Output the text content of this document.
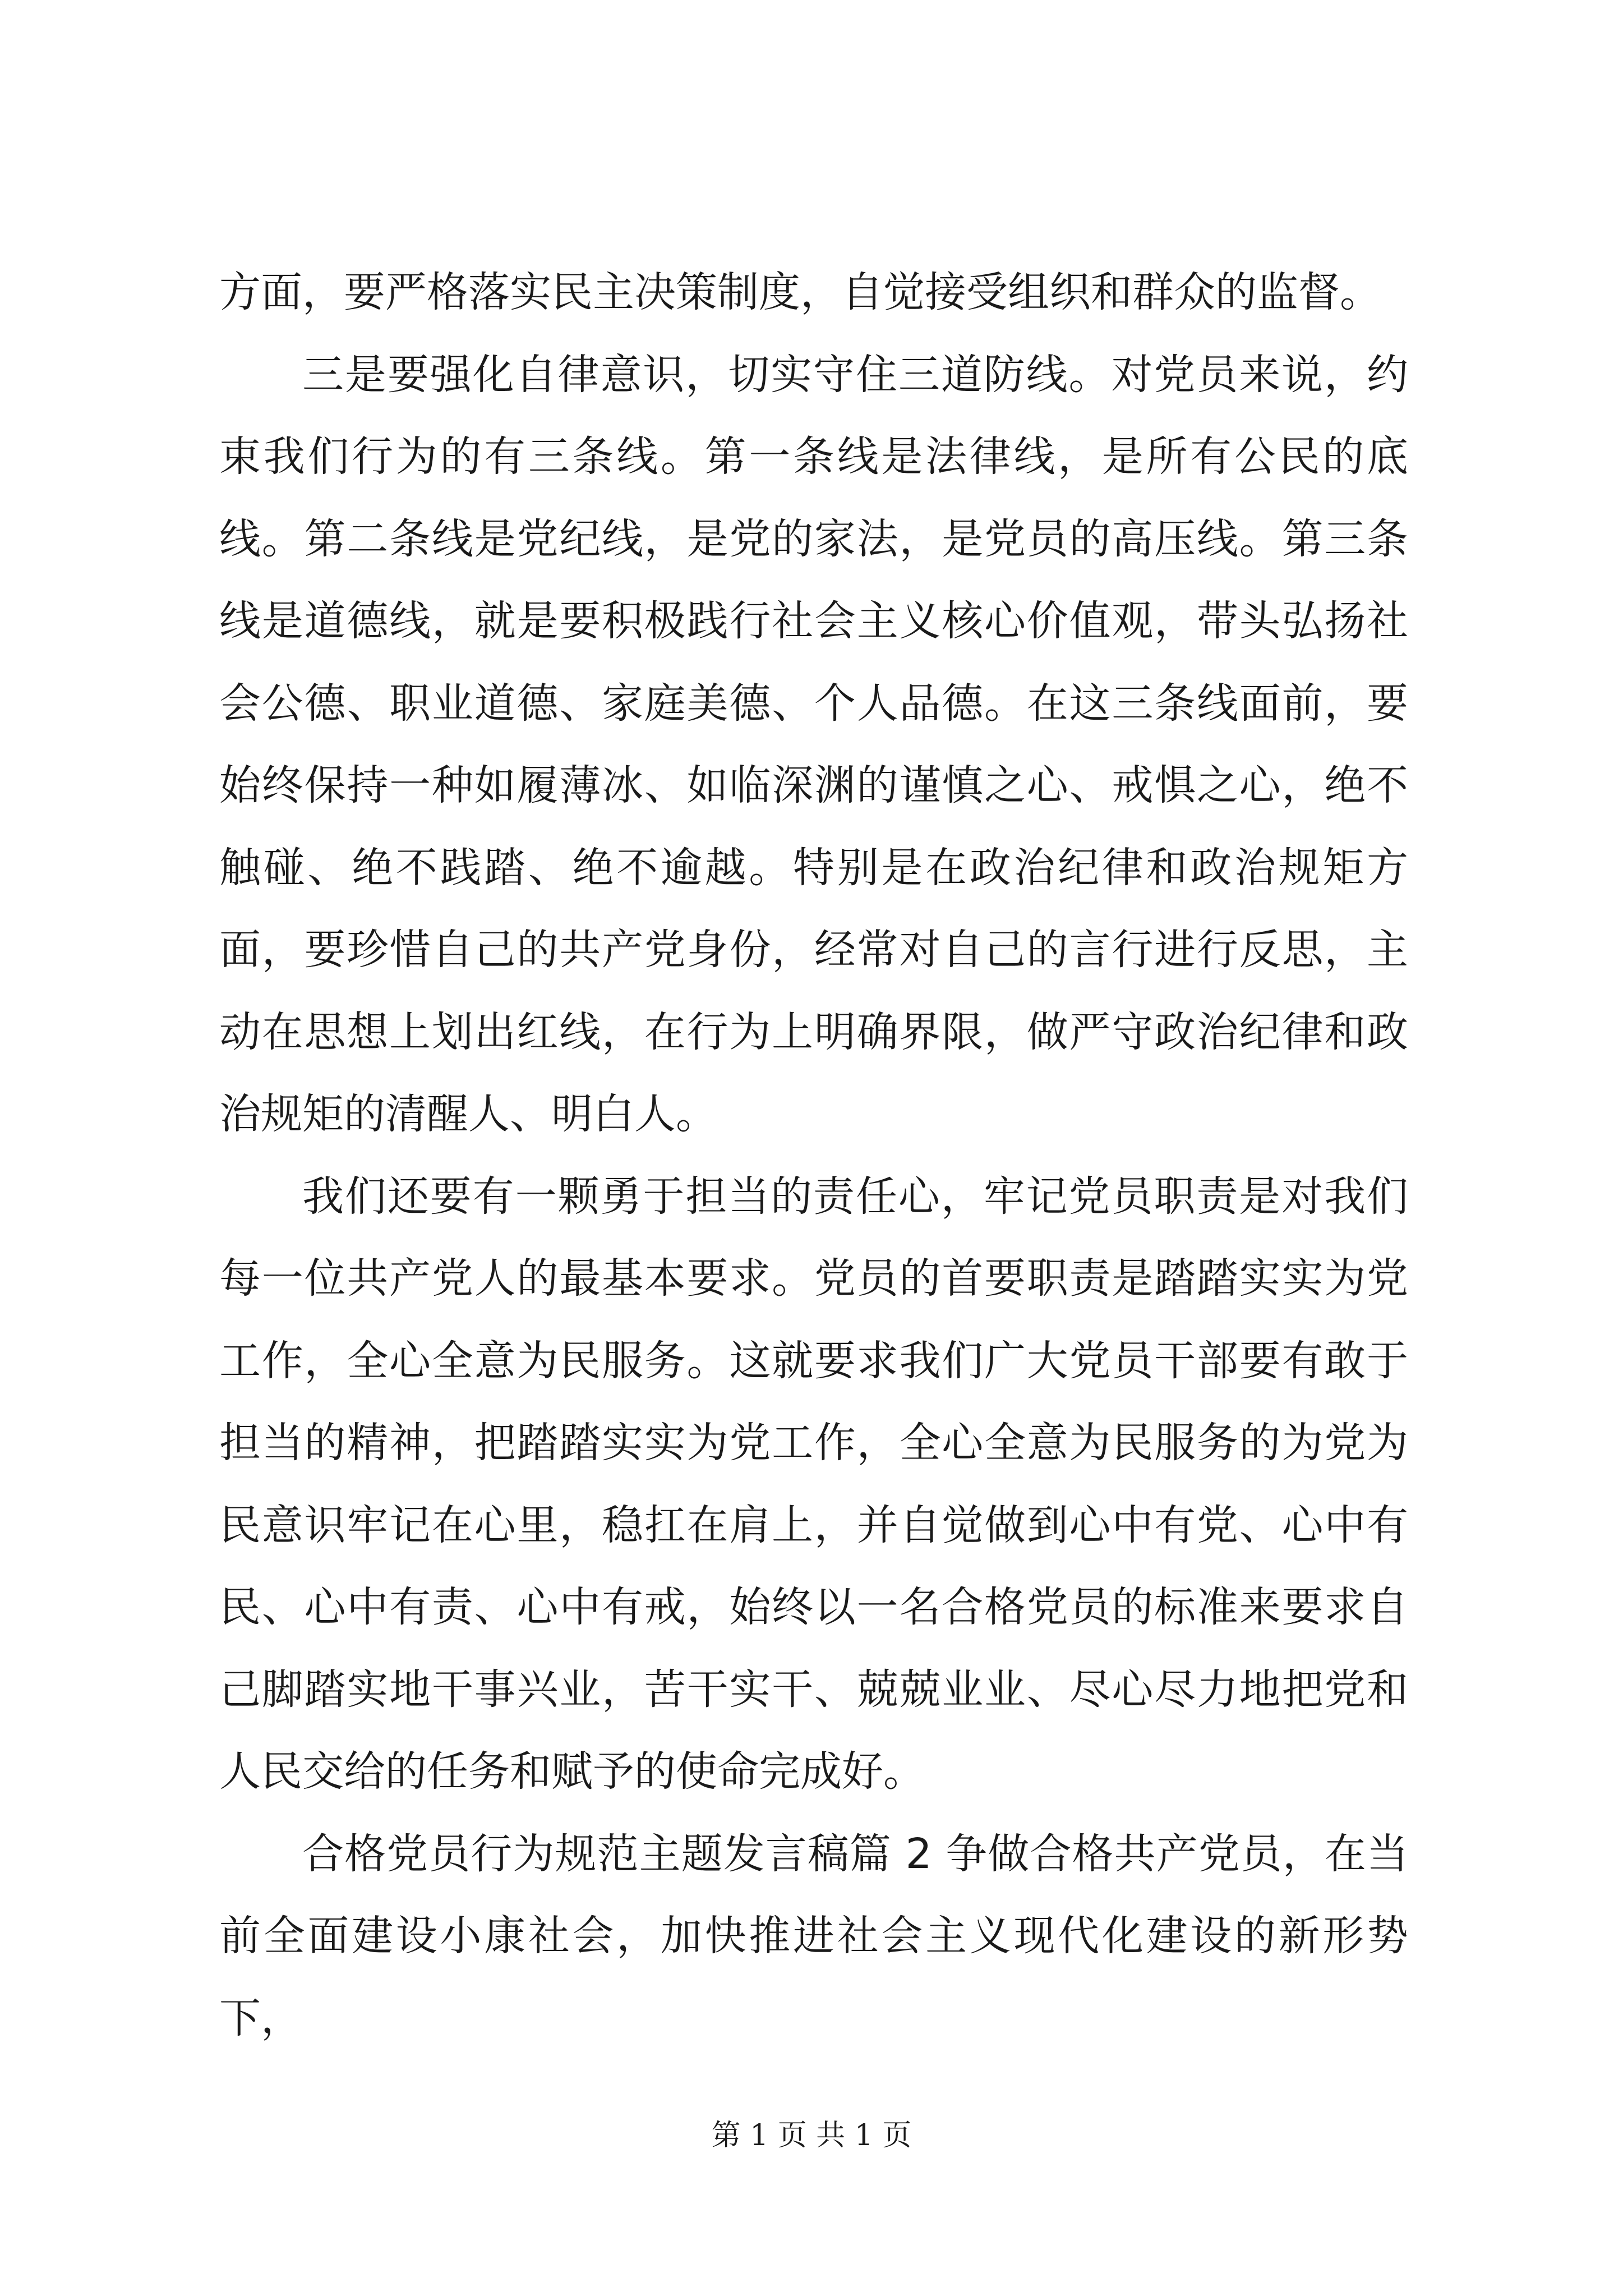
方面，要严格落实民主决策制度，自觉接受组织和群众的监督。

三是要强化自律意识，切实守住三道防线。对党员来说，约束我们行为的有三条线。第一条线是法律线，是所有公民的底线。第二条线是党纪线，是党的家法，是党员的高压线。第三条线是道德线，就是要积极践行社会主义核心价值观，带头弘扬社会公德、职业道德、家庭美德、个人品德。在这三条线面前，要始终保持一种如履薄冰、如临深渊的谨慎之心、戒惧之心，绝不触碰、绝不践踏、绝不逾越。特别是在政治纪律和政治规矩方面，要珍惜自己的共产党身份，经常对自己的言行进行反思，主动在思想上划出红线，在行为上明确界限，做严守政治纪律和政治规矩的清醒人、明白人。

我们还要有一颗勇于担当的责任心，牢记党员职责是对我们每一位共产党人的最基本要求。党员的首要职责是踏踏实实为党工作，全心全意为民服务。这就要求我们广大党员干部要有敢于担当的精神，把踏踏实实为党工作，全心全意为民服务的为党为民意识牢记在心里，稳扛在肩上，并自觉做到心中有党、心中有民、心中有责、心中有戒，始终以一名合格党员的标准来要求自己脚踏实地干事兴业，苦干实干、兢兢业业、尽心尽力地把党和人民交给的任务和赋予的使命完成好。

合格党员行为规范主题发言稿篇 2 争做合格共产党员，在当前全面建设小康社会，加快推进社会主义现代化建设的新形势下，

第 1 页 共 1 页
